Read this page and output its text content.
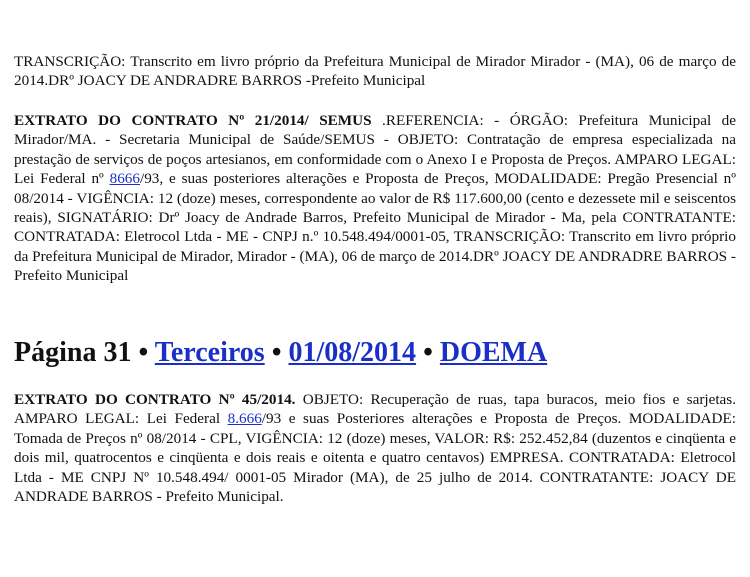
TRANSCRIÇÃO: Transcrito em livro próprio da Prefeitura Municipal de Mirador Mirador - (MA), 06 de março de 2014.DRº JOACY DE ANDRADRE BARROS -Prefeito Municipal

EXTRATO DO CONTRATO Nº 21/2014/ SEMUS .REFERENCIA: - ÓRGÃO: Prefeitura Municipal de Mirador/MA. - Secretaria Municipal de Saúde/SEMUS - OBJETO: Contratação de empresa especializada na prestação de serviços de poços artesianos, em conformidade com o Anexo I e Proposta de Preços. AMPARO LEGAL: Lei Federal nº 8666/93, e suas posteriores alterações e Proposta de Preços, MODALIDADE: Pregão Presencial nº 08/2014 - VIGÊNCIA: 12 (doze) meses, correspondente ao valor de R$ 117.600,00 (cento e dezessete mil e seiscentos reais), SIGNATÁRIO: Drº Joacy de Andrade Barros, Prefeito Municipal de Mirador - Ma, pela CONTRATANTE: CONTRATADA: Eletrocol Ltda - ME - CNPJ n.º 10.548.494/0001-05, TRANSCRIÇÃO: Transcrito em livro próprio da Prefeitura Municipal de Mirador, Mirador - (MA), 06 de março de 2014.DRº JOACY DE ANDRADRE BARROS - Prefeito Municipal

Página 31 • Terceiros • 01/08/2014 • DOEMA

EXTRATO DO CONTRATO Nº 45/2014. OBJETO: Recuperação de ruas, tapa buracos, meio fios e sarjetas. AMPARO LEGAL: Lei Federal 8.666/93 e suas Posteriores alterações e Proposta de Preços. MODALIDADE: Tomada de Preços nº 08/2014 - CPL, VIGÊNCIA: 12 (doze) meses, VALOR: R$: 252.452,84 (duzentos e cinqüenta e dois mil, quatrocentos e cinqüenta e dois reais e oitenta e quatro centavos) EMPRESA. CONTRATADA: Eletrocol Ltda - ME CNPJ Nº 10.548.494/ 0001-05 Mirador (MA), de 25 julho de 2014. CONTRATANTE: JOACY DE ANDRADE BARROS - Prefeito Municipal.
